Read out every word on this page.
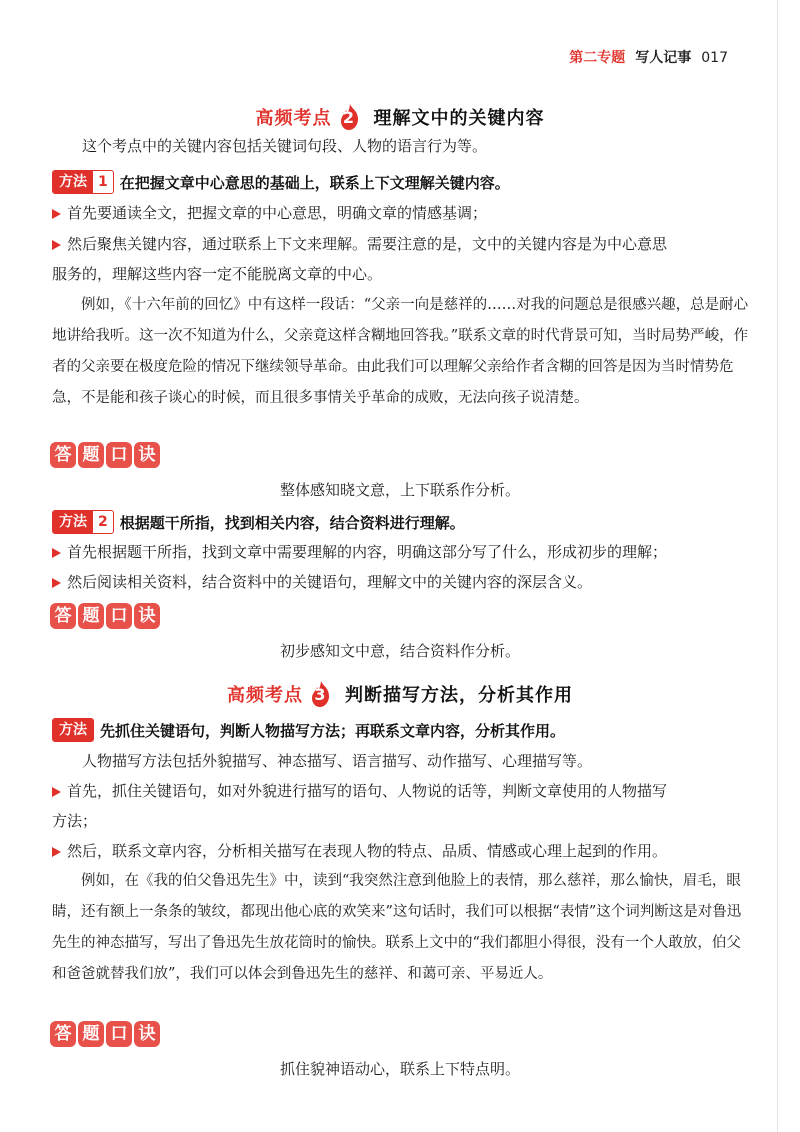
第二专题 写人记事 017
高频考点 2	理解文中的关键内容
这个考点中的关键内容包括关键词句段、人物的语言行为等。
方法 1 在把握文章中心意思的基础上，联系上下文理解关键内容。
首先要通读全文，把握文章的中心意思，明确文章的情感基调；
然后聚焦关键内容，通过联系上下文来理解。需要注意的是，文中的关键内容是为中心意思
服务的，理解这些内容一定不能脱离文章的中心。
例如，《十六年前的回忆》中有这样一段话：“父亲一向是慈祥的……对我的问题总是很感兴趣，总是耐心地讲给我听。这一次不知道为什么，父亲竟这样含糊地回答我。”联系文章的时代背景可知，当时局势严峻，作者的父亲要在极度危险的情况下继续领导革命。由此我们可以理解父亲给作者含糊的回答是因为当时情势危急，不是能和孩子谈心的时候，而且很多事情关乎革命的成败，无法向孩子说清楚。
答 题 口 诀
整体感知晓文意，上下联系作分析。
方法 2 根据题干所指，找到相关内容，结合资料进行理解。
首先根据题干所指，找到文章中需要理解的内容，明确这部分写了什么，形成初步的理解；
然后阅读相关资料，结合资料中的关键语句，理解文中的关键内容的深层含义。
答 题 口 诀
初步感知文中意，结合资料作分析。
高频考点 3	判断描写方法，分析其作用
方法 先抓住关键语句，判断人物描写方法；再联系文章内容，分析其作用。
人物描写方法包括外貌描写、神态描写、语言描写、动作描写、心理描写等。
首先，抓住关键语句，如对外貌进行描写的语句、人物说的话等，判断文章使用的人物描写
方法；
然后，联系文章内容，分析相关描写在表现人物的特点、品质、情感或心理上起到的作用。
例如，在《我的伯父鲁迅先生》中，读到“我突然注意到他脸上的表情，那么慈祥，那么愉快，眉毛，眼睛，还有额上一条条的皱纹，都现出他心底的欢笑来”这句话时，我们可以根据“表情”这个词判断这是对鲁迅先生的神态描写，写出了鲁迅先生放花筒时的愉快。联系上文中的“我们都胆小得很，没有一个人敢放，伯父和爸爸就替我们放”，我们可以体会到鲁迅先生的慈祥、和蔼可亲、平易近人。
答 题 口 诀
抓住貌神语动心，联系上下特点明。
